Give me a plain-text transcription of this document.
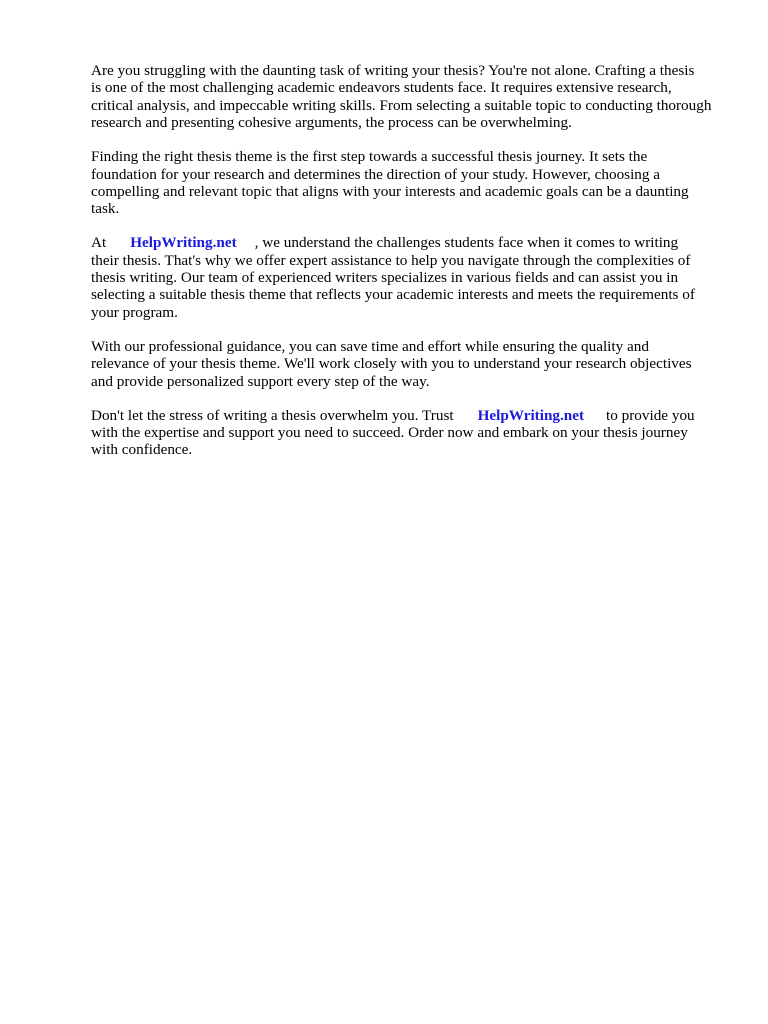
Are you struggling with the daunting task of writing your thesis? You're not alone. Crafting a thesis
is one of the most challenging academic endeavors students face. It requires extensive research,
critical analysis, and impeccable writing skills. From selecting a suitable topic to conducting thorough
research and presenting cohesive arguments, the process can be overwhelming.

Finding the right thesis theme is the first step towards a successful thesis journey. It sets the
foundation for your research and determines the direction of your study. However, choosing a
compelling and relevant topic that aligns with your interests and academic goals can be a daunting
task.

At HelpWriting.net , we understand the challenges students face when it comes to writing
their thesis. That's why we offer expert assistance to help you navigate through the complexities of
thesis writing. Our team of experienced writers specializes in various fields and can assist you in
selecting a suitable thesis theme that reflects your academic interests and meets the requirements of
your program.

With our professional guidance, you can save time and effort while ensuring the quality and
relevance of your thesis theme. We'll work closely with you to understand your research objectives
and provide personalized support every step of the way.

Don't let the stress of writing a thesis overwhelm you. Trust HelpWriting.net to provide you
with the expertise and support you need to succeed. Order now and embark on your thesis journey
with confidence.
